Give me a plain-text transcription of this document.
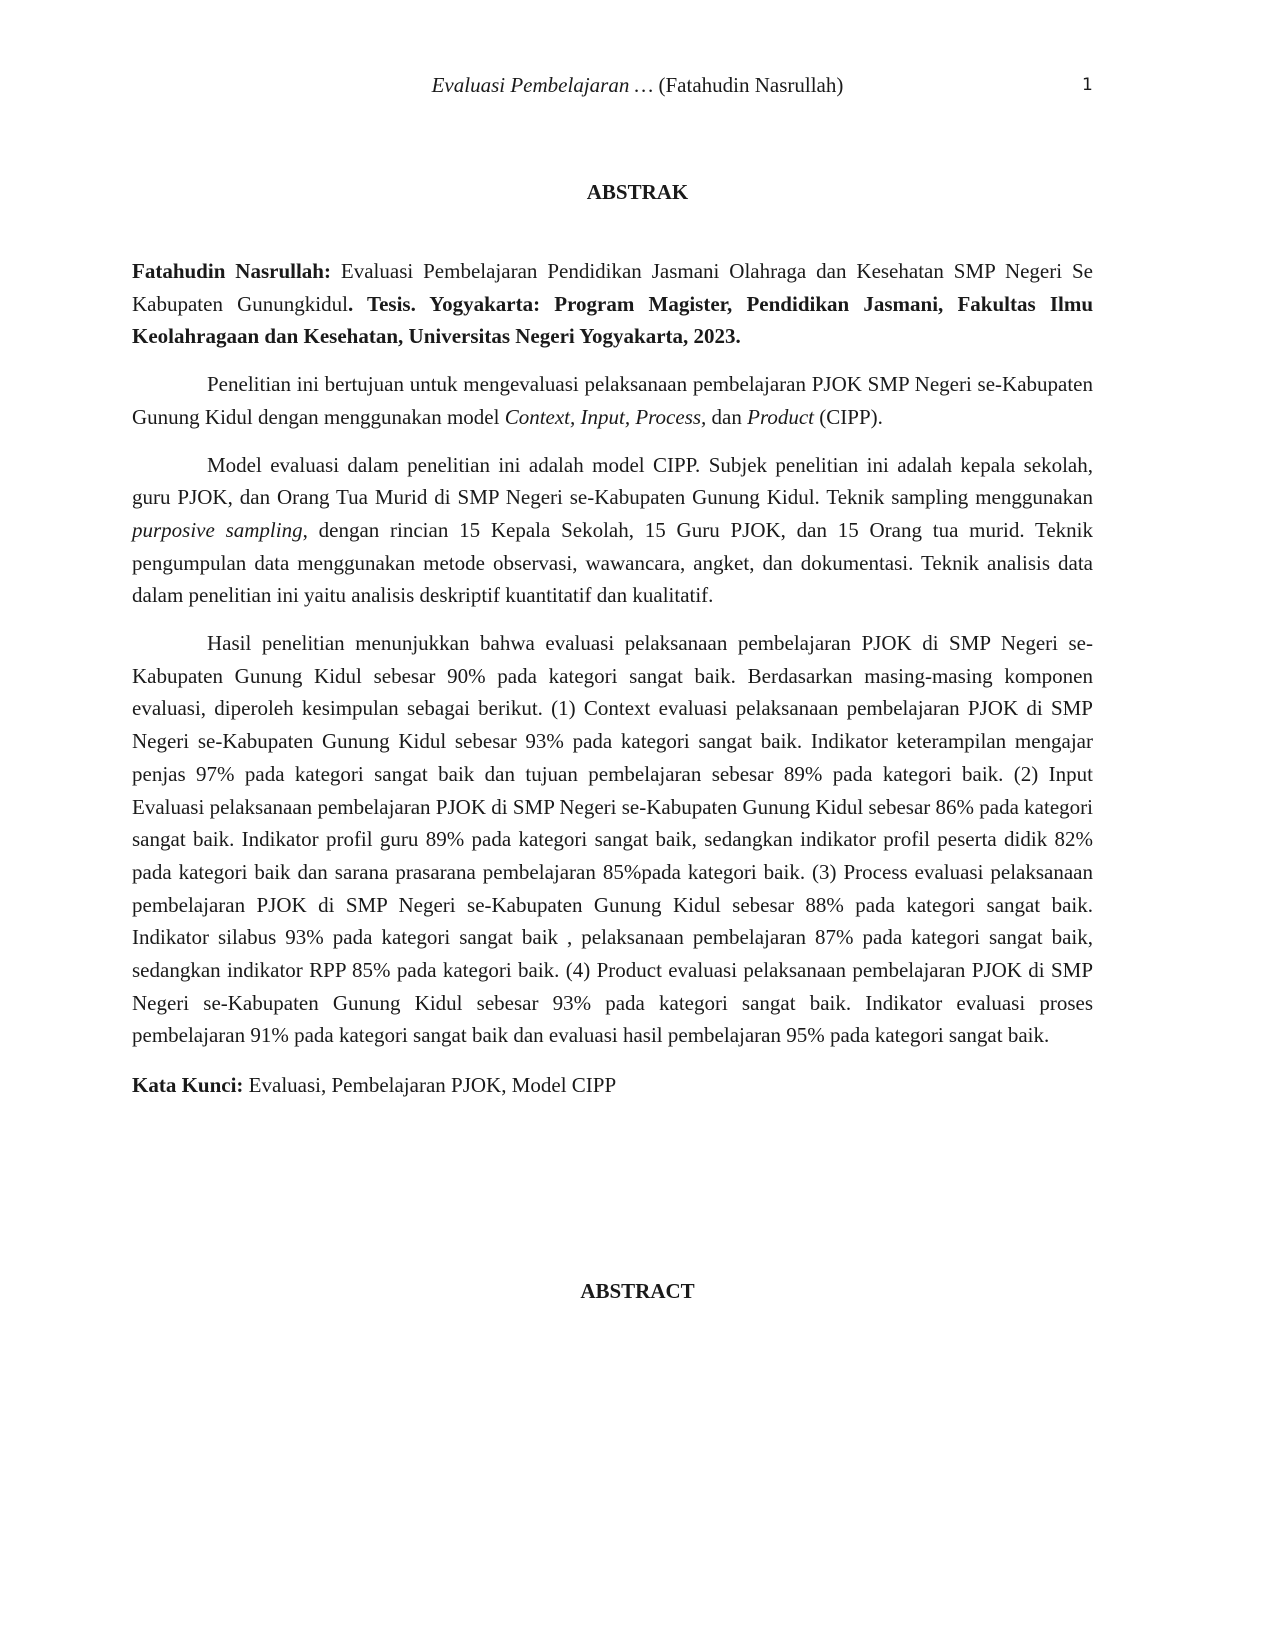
Evaluasi Pembelajaran … (Fatahudin Nasrullah)	1
ABSTRAK

Fatahudin Nasrullah: Evaluasi Pembelajaran Pendidikan Jasmani Olahraga dan Kesehatan SMP Negeri Se Kabupaten Gunungkidul. Tesis. Yogyakarta: Program Magister, Pendidikan Jasmani, Fakultas Ilmu Keolahragaan dan Kesehatan, Universitas Negeri Yogyakarta, 2023.

Penelitian ini bertujuan untuk mengevaluasi pelaksanaan pembelajaran PJOK SMP Negeri se-Kabupaten Gunung Kidul dengan menggunakan model Context, Input, Process, dan Product (CIPP).

Model evaluasi dalam penelitian ini adalah model CIPP. Subjek penelitian ini adalah kepala sekolah, guru PJOK, dan Orang Tua Murid di SMP Negeri se-Kabupaten Gunung Kidul. Teknik sampling menggunakan purposive sampling, dengan rincian 15 Kepala Sekolah, 15 Guru PJOK, dan 15 Orang tua murid. Teknik pengumpulan data menggunakan metode observasi, wawancara, angket, dan dokumentasi. Teknik analisis data dalam penelitian ini yaitu analisis deskriptif kuantitatif dan kualitatif.

Hasil penelitian menunjukkan bahwa evaluasi pelaksanaan pembelajaran PJOK di SMP Negeri se-Kabupaten Gunung Kidul sebesar 90% pada kategori sangat baik. Berdasarkan masing-masing komponen evaluasi, diperoleh kesimpulan sebagai berikut. (1) Context evaluasi pelaksanaan pembelajaran PJOK di SMP Negeri se-Kabupaten Gunung Kidul sebesar 93% pada kategori sangat baik. Indikator keterampilan mengajar penjas 97% pada kategori sangat baik dan tujuan pembelajaran sebesar 89% pada kategori baik. (2) Input Evaluasi pelaksanaan pembelajaran PJOK di SMP Negeri se-Kabupaten Gunung Kidul sebesar 86% pada kategori sangat baik. Indikator profil guru 89% pada kategori sangat baik, sedangkan indikator profil peserta didik 82% pada kategori baik dan sarana prasarana pembelajaran 85%pada kategori baik. (3) Process evaluasi pelaksanaan pembelajaran PJOK di SMP Negeri se-Kabupaten Gunung Kidul sebesar 88% pada kategori sangat baik. Indikator silabus 93% pada kategori sangat baik , pelaksanaan pembelajaran 87% pada kategori sangat baik, sedangkan indikator RPP 85% pada kategori baik. (4) Product evaluasi pelaksanaan pembelajaran PJOK di SMP Negeri se-Kabupaten Gunung Kidul sebesar 93% pada kategori sangat baik. Indikator evaluasi proses pembelajaran 91% pada kategori sangat baik dan evaluasi hasil pembelajaran 95% pada kategori sangat baik.

Kata Kunci: Evaluasi, Pembelajaran PJOK, Model CIPP

ABSTRACT
